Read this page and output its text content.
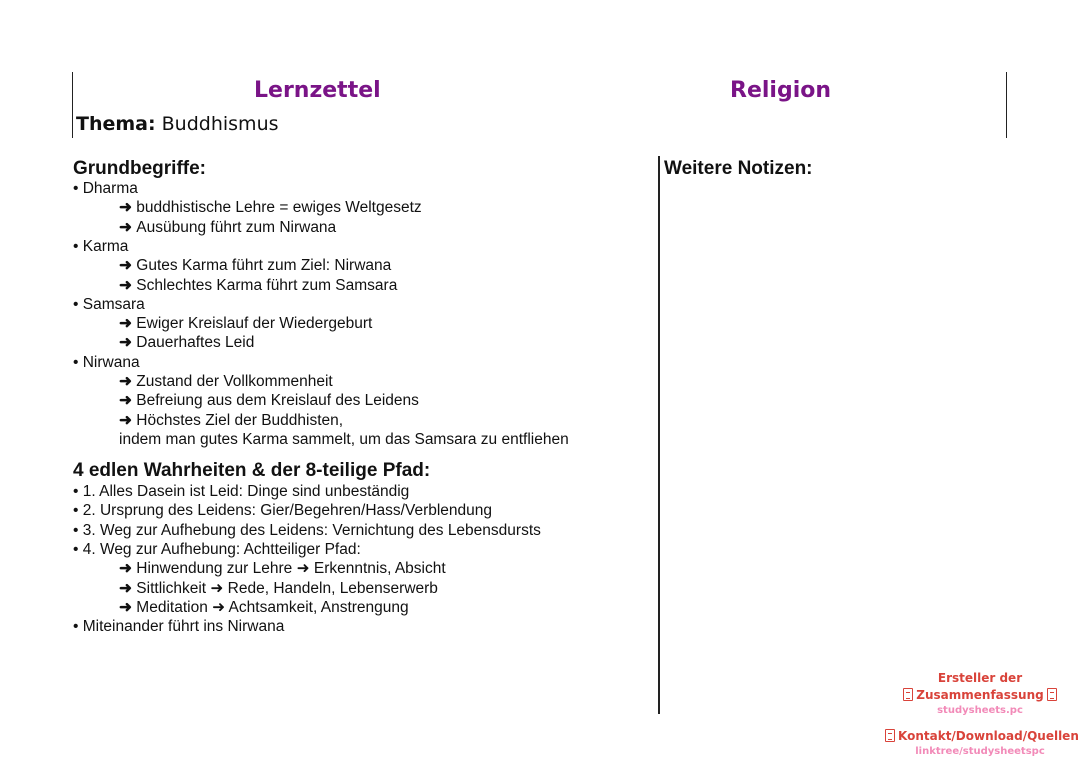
Lernzettel	Religion
Thema: Buddhismus
Grundbegriffe:
• Dharma
➜ buddhistische Lehre = ewiges Weltgesetz
➜ Ausübung führt zum Nirwana
• Karma
➜ Gutes Karma führt zum Ziel: Nirwana
➜ Schlechtes Karma führt zum Samsara
• Samsara
➜ Ewiger Kreislauf der Wiedergeburt
➜ Dauerhaftes Leid
• Nirwana
➜ Zustand der Vollkommenheit
➜ Befreiung aus dem Kreislauf des Leidens
➜ Höchstes Ziel der Buddhisten,
indem man gutes Karma sammelt, um das Samsara zu entfliehen
4 edlen Wahrheiten & der 8-teilige Pfad:
• 1. Alles Dasein ist Leid: Dinge sind unbeständig
• 2. Ursprung des Leidens: Gier/Begehren/Hass/Verblendung
• 3. Weg zur Aufhebung des Leidens: Vernichtung des Lebensdursts
• 4. Weg zur Aufhebung: Achtteiliger Pfad:
➜ Hinwendung zur Lehre ➜ Erkenntnis, Absicht
➜ Sittlichkeit ➜ Rede, Handeln, Lebenserwerb
➜ Meditation ➜ Achtsamkeit, Anstrengung
• Miteinander führt ins Nirwana
Weitere Notizen:
Ersteller der
Zusammenfassung
studysheets.pc
Kontakt/Download/Quellen
linktree/studysheetspc
